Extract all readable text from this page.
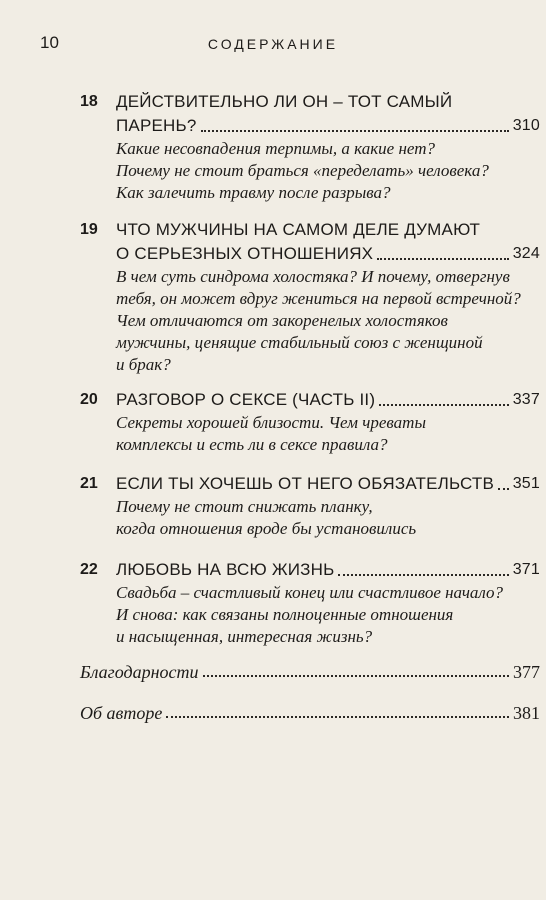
10	СОДЕРЖАНИЕ
18	ДЕЙСТВИТЕЛЬНО ЛИ ОН – ТОТ САМЫЙ
ПАРЕНЬ?	310
Какие несовпадения терпимы, а какие нет?
Почему не стоит браться «переделать» человека?
Как залечить травму после разрыва?
19	ЧТО МУЖЧИНЫ НА САМОМ ДЕЛЕ ДУМАЮТ
О СЕРЬЕЗНЫХ ОТНОШЕНИЯХ	324
В чем суть синдрома холостяка? И почему, отвергнув
тебя, он может вдруг жениться на первой встречной?
Чем отличаются от закоренелых холостяков
мужчины, ценящие стабильный союз с женщиной
и брак?
20	РАЗГОВОР О СЕКСЕ (ЧАСТЬ II)	337
Секреты хорошей близости. Чем чреваты
комплексы и есть ли в сексе правила?
21	ЕСЛИ ТЫ ХОЧЕШЬ ОТ НЕГО ОБЯЗАТЕЛЬСТВ 351
Почему не стоит снижать планку,
когда отношения вроде бы установились
22	ЛЮБОВЬ НА ВСЮ ЖИЗНЬ	371
Свадьба – счастливый конец или счастливое начало?
И снова: как связаны полноценные отношения
и насыщенная, интересная жизнь?
Благодарности	377
Об авторе	381
